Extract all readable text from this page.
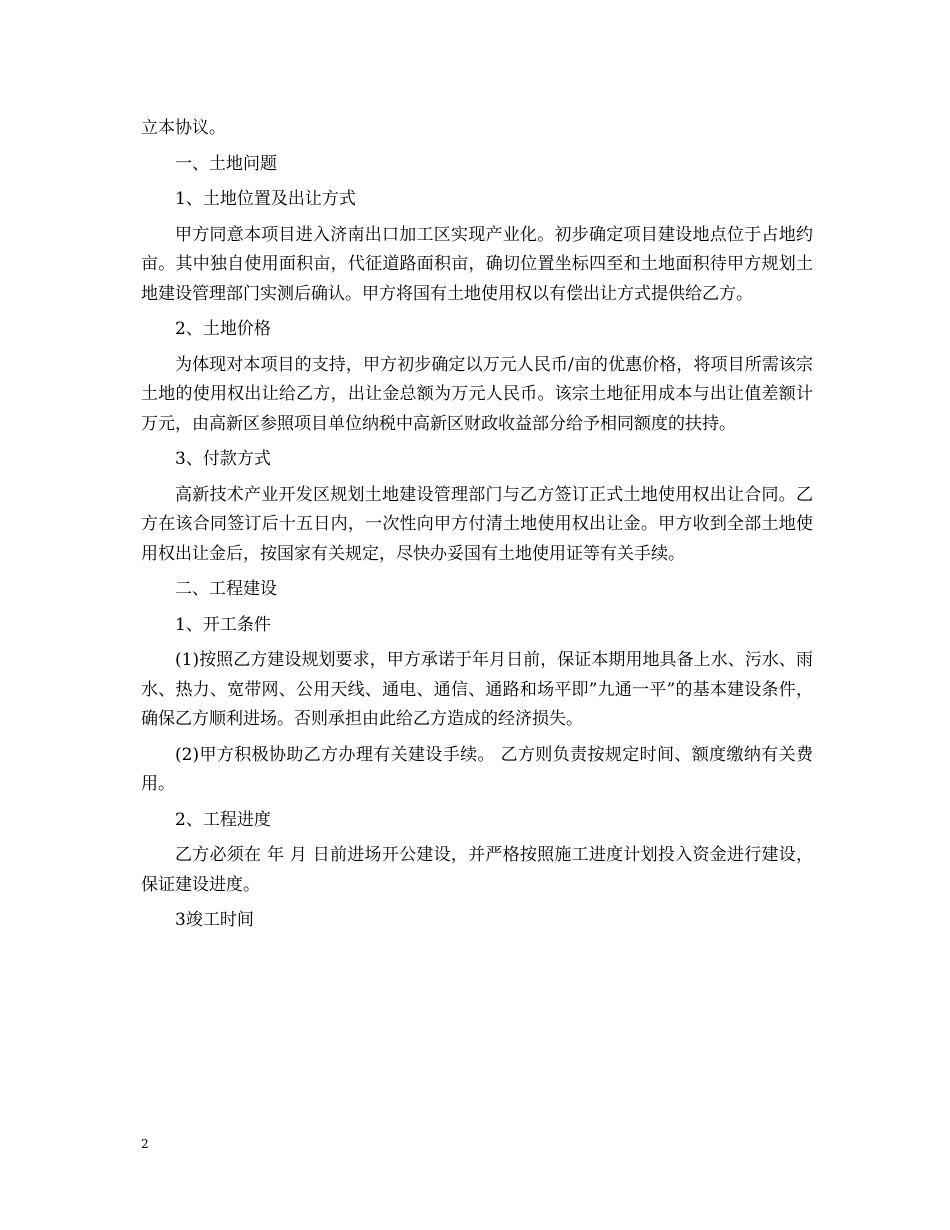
立本协议。

一、土地问题

1、土地位置及出让方式

甲方同意本项目进入济南出口加工区实现产业化。初步确定项目建设地点位于占地约亩。其中独自使用面积亩，代征道路面积亩，确切位置坐标四至和土地面积待甲方规划土地建设管理部门实测后确认。甲方将国有土地使用权以有偿出让方式提供给乙方。

2、土地价格

为体现对本项目的支持，甲方初步确定以万元人民币/亩的优惠价格，将项目所需该宗土地的使用权出让给乙方，出让金总额为万元人民币。该宗土地征用成本与出让值差额计万元，由高新区参照项目单位纳税中高新区财政收益部分给予相同额度的扶持。

3、付款方式

高新技术产业开发区规划土地建设管理部门与乙方签订正式土地使用权出让合同。乙方在该合同签订后十五日内，一次性向甲方付清土地使用权出让金。甲方收到全部土地使用权出让金后，按国家有关规定，尽快办妥国有土地使用证等有关手续。

二、工程建设

1、开工条件

(1)按照乙方建设规划要求，甲方承诺于年月日前，保证本期用地具备上水、污水、雨水、热力、宽带网、公用天线、通电、通信、通路和场平即”九通一平”的基本建设条件，确保乙方顺利进场。否则承担由此给乙方造成的经济损失。

(2)甲方积极协助乙方办理有关建设手续。 乙方则负责按规定时间、额度缴纳有关费用。

2、工程进度

乙方必须在 年 月 日前进场开公建设，并严格按照施工进度计划投入资金进行建设，保证建设进度。

3竣工时间

2
